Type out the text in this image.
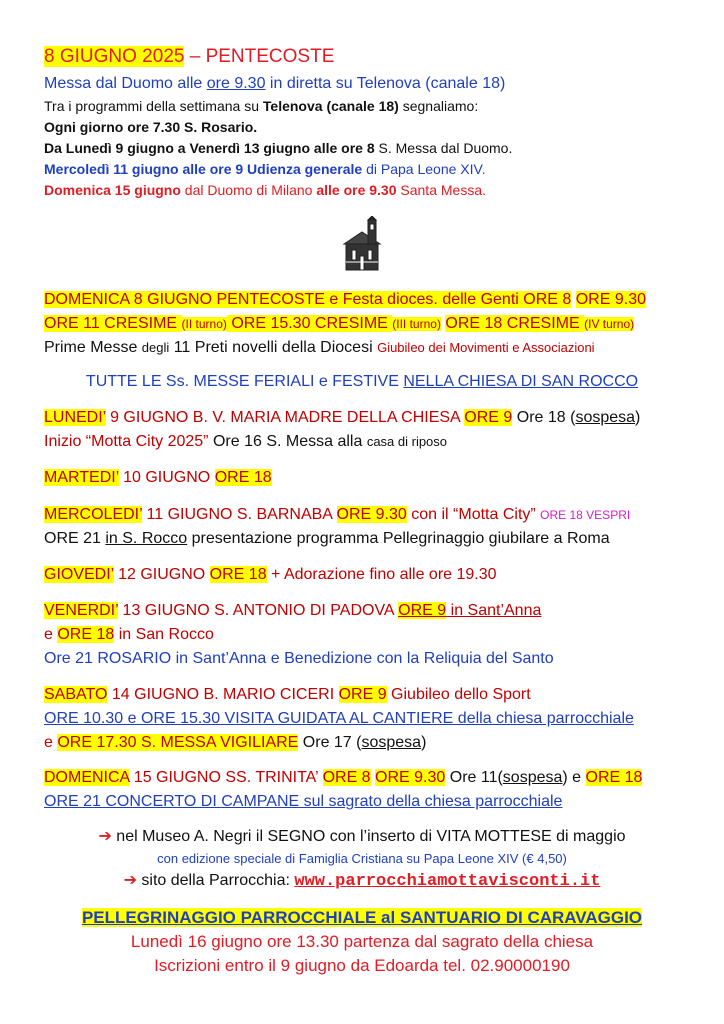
8 GIUGNO 2025 – PENTECOSTE
Messa dal Duomo alle ore 9.30 in diretta su Telenova (canale 18)
Tra i programmi della settimana su Telenova (canale 18) segnaliamo:
Ogni giorno ore 7.30 S. Rosario.
Da Lunedì 9 giugno a Venerdì 13 giugno alle ore 8 S. Messa dal Duomo.
Mercoledì 11 giugno alle ore 9 Udienza generale di Papa Leone XIV.
Domenica 15 giugno dal Duomo di Milano alle ore 9.30 Santa Messa.
DOMENICA 8 GIUGNO PENTECOSTE e Festa dioces. delle Genti ORE 8 ORE 9.30
ORE 11 CRESIME (II turno) ORE 15.30 CRESIME (III turno) ORE 18 CRESIME (IV turno)
Prime Messe degli 11 Preti novelli della Diocesi Giubileo dei Movimenti e Associazioni
TUTTE LE Ss. MESSE FERIALI e FESTIVE NELLA CHIESA DI SAN ROCCO
LUNEDI’ 9 GIUGNO B. V. MARIA MADRE DELLA CHIESA ORE 9 Ore 18 (sospesa)
Inizio “Motta City 2025” Ore 16 S. Messa alla casa di riposo
MARTEDI’ 10 GIUGNO ORE 18
MERCOLEDI’ 11 GIUGNO S. BARNABA ORE 9.30 con il “Motta City” ORE 18 VESPRI
ORE 21 in S. Rocco presentazione programma Pellegrinaggio giubilare a Roma
GIOVEDI’ 12 GIUGNO ORE 18 + Adorazione fino alle ore 19.30
VENERDI’ 13 GIUGNO S. ANTONIO DI PADOVA ORE 9 in Sant’Anna
e ORE 18 in San Rocco
Ore 21 ROSARIO in Sant’Anna e Benedizione con la Reliquia del Santo
SABATO 14 GIUGNO B. MARIO CICERI ORE 9 Giubileo dello Sport
ORE 10.30 e ORE 15.30 VISITA GUIDATA AL CANTIERE della chiesa parrocchiale
e ORE 17.30 S. MESSA VIGILIARE Ore 17 (sospesa)
DOMENICA 15 GIUGNO SS. TRINITA’ ORE 8 ORE 9.30 Ore 11(sospesa) e ORE 18
ORE 21 CONCERTO DI CAMPANE sul sagrato della chiesa parrocchiale
➔ nel Museo A. Negri il SEGNO con l’inserto di VITA MOTTESE di maggio
con edizione speciale di Famiglia Cristiana su Papa Leone XIV (€ 4,50)
➔ sito della Parrocchia: www.parrocchiamottavisconti.it
PELLEGRINAGGIO PARROCCHIALE al SANTUARIO DI CARAVAGGIO
Lunedì 16 giugno ore 13.30 partenza dal sagrato della chiesa
Iscrizioni entro il 9 giugno da Edoarda tel. 02.90000190
